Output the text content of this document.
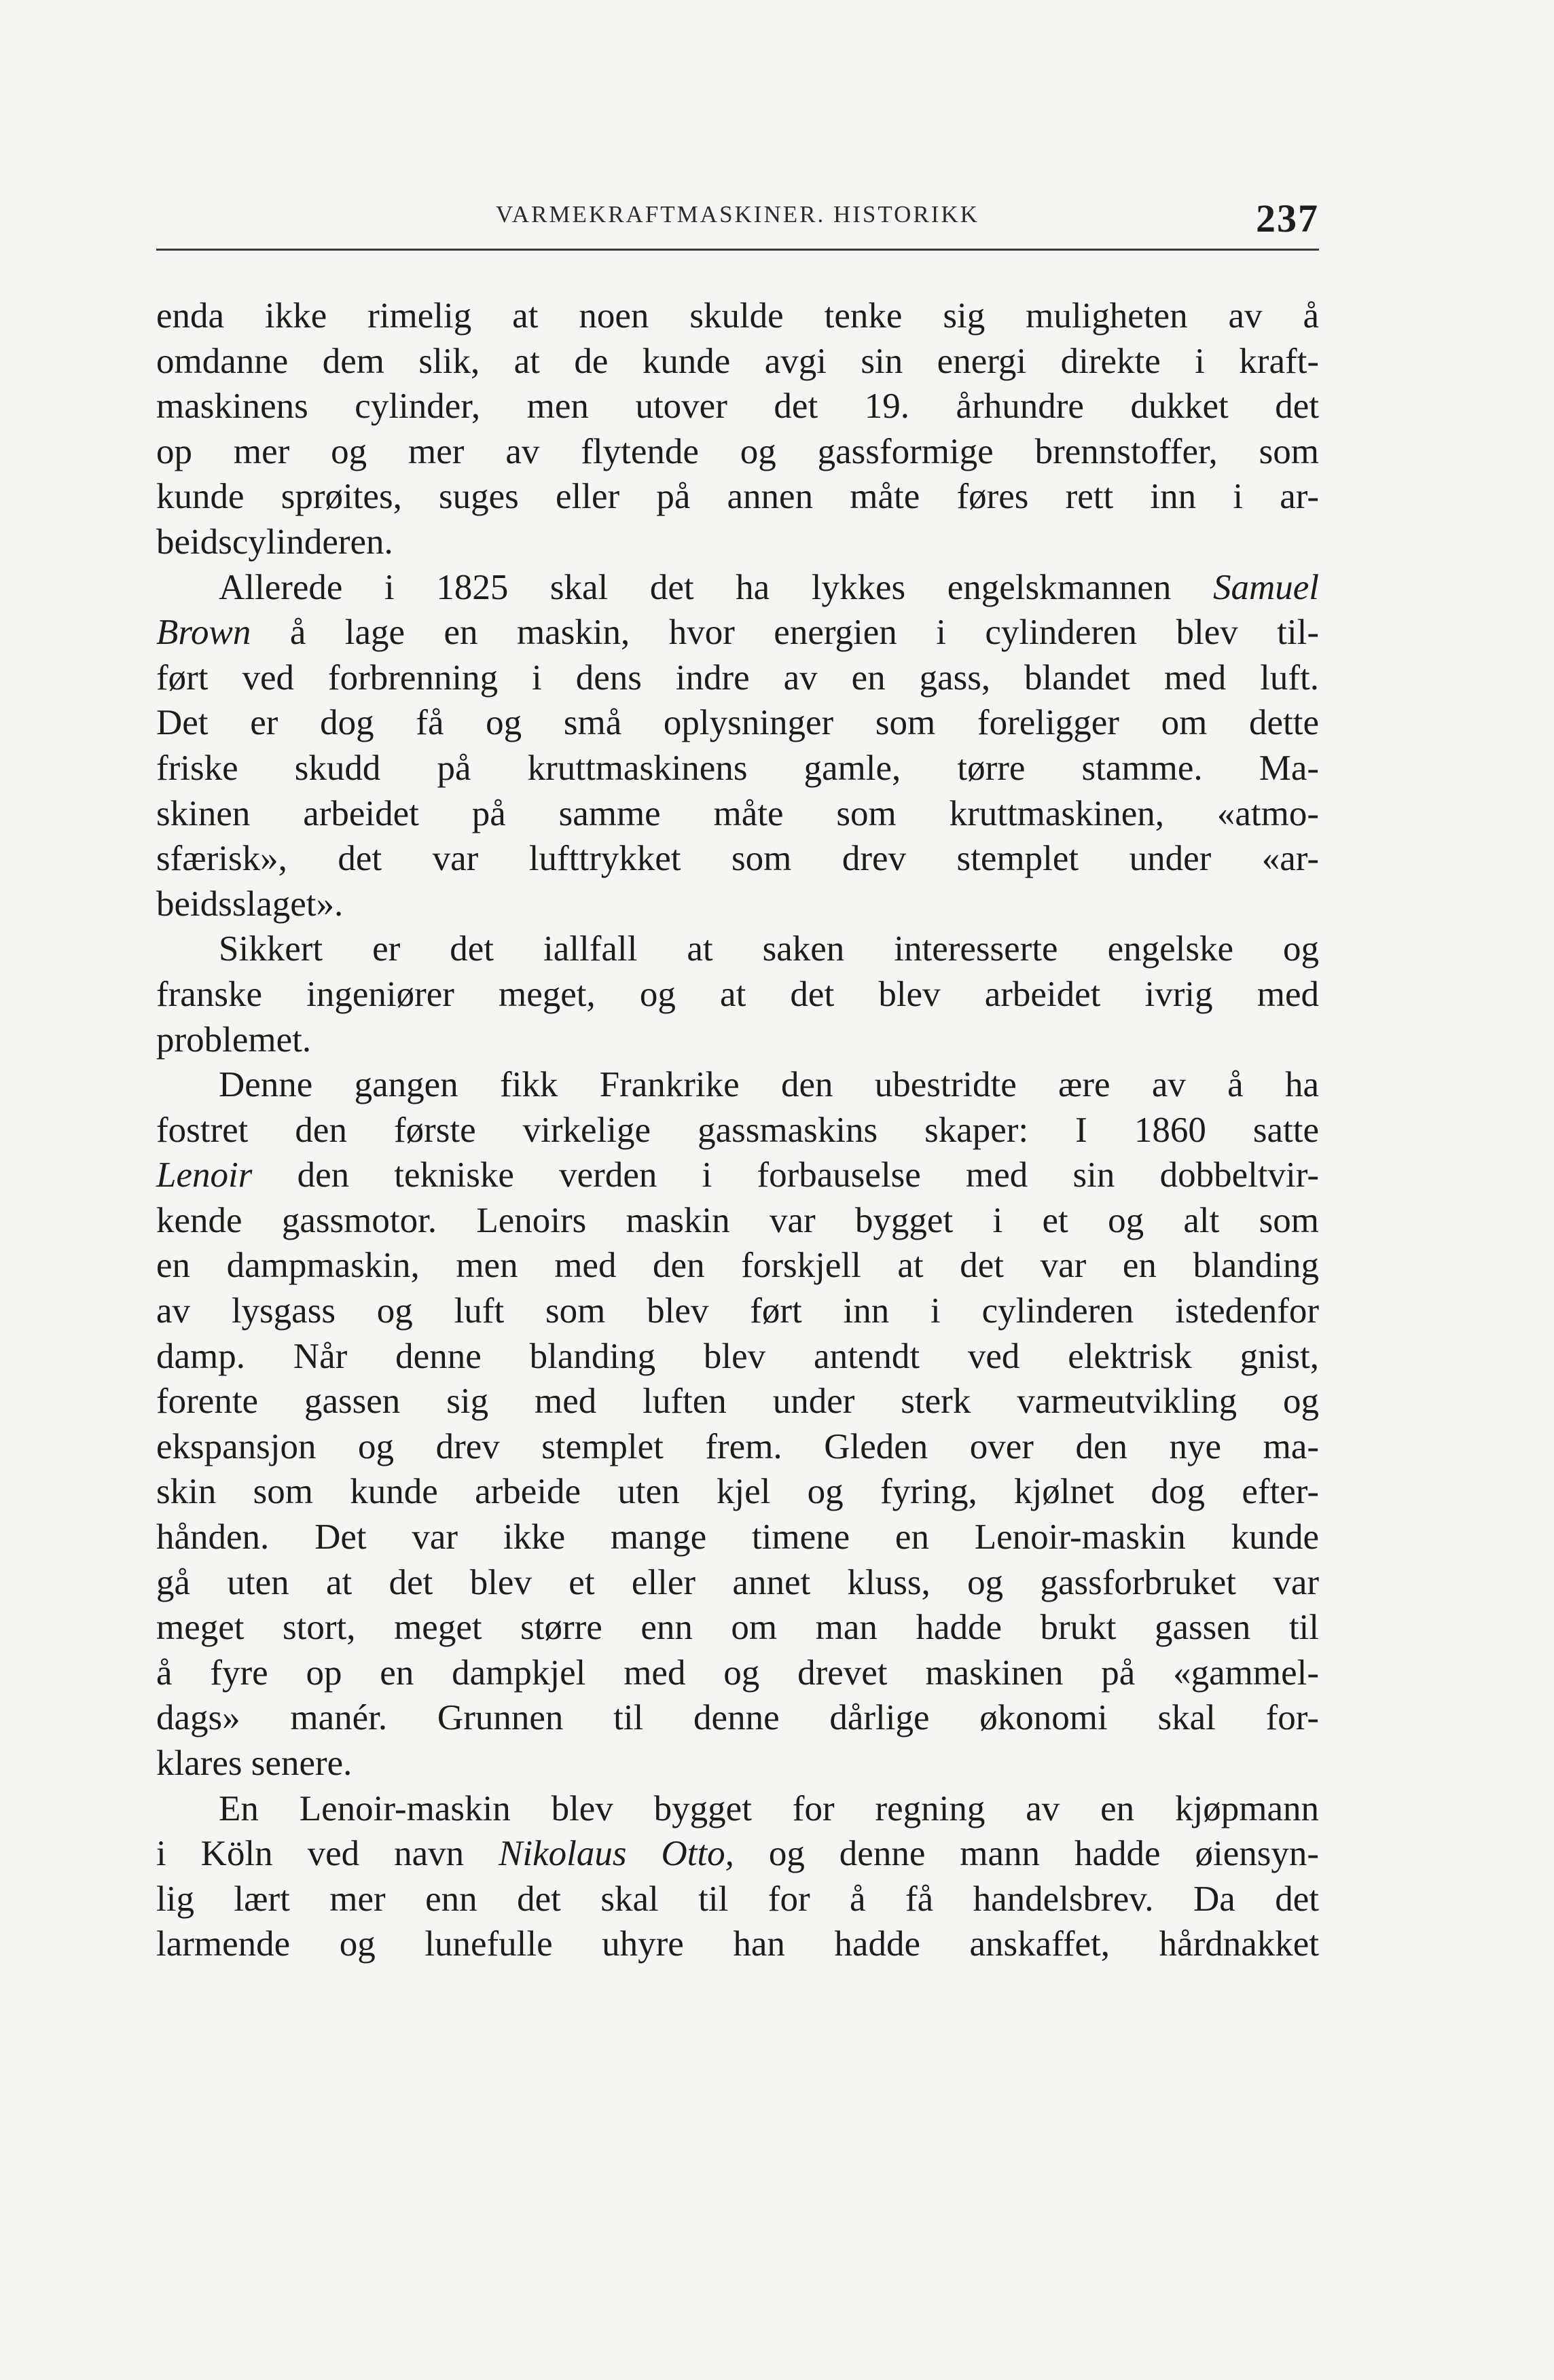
VARMEKRAFTMASKINER. HISTORIKK	237
enda ikke rimelig at noen skulde tenke sig muligheten av å
omdanne dem slik, at de kunde avgi sin energi direkte i kraft-
maskinens cylinder, men utover det 19. århundre dukket det
op mer og mer av flytende og gassformige brennstoffer, som
kunde sprøites, suges eller på annen måte føres rett inn i ar-
beidscylinderen.
Allerede i 1825 skal det ha lykkes engelskmannen Samuel
Brown å lage en maskin, hvor energien i cylinderen blev til-
ført ved forbrenning i dens indre av en gass, blandet med luft.
Det er dog få og små oplysninger som foreligger om dette
friske skudd på kruttmaskinens gamle, tørre stamme. Ma-
skinen arbeidet på samme måte som kruttmaskinen, «atmo-
sfærisk», det var lufttrykket som drev stemplet under «ar-
beidsslaget».
Sikkert er det iallfall at saken interesserte engelske og
franske ingeniører meget, og at det blev arbeidet ivrig med
problemet.
Denne gangen fikk Frankrike den ubestridte ære av å ha
fostret den første virkelige gassmaskins skaper: I 1860 satte
Lenoir den tekniske verden i forbauselse med sin dobbeltvir-
kende gassmotor. Lenoirs maskin var bygget i et og alt som
en dampmaskin, men med den forskjell at det var en blanding
av lysgass og luft som blev ført inn i cylinderen istedenfor
damp. Når denne blanding blev antendt ved elektrisk gnist,
forente gassen sig med luften under sterk varmeutvikling og
ekspansjon og drev stemplet frem. Gleden over den nye ma-
skin som kunde arbeide uten kjel og fyring, kjølnet dog efter-
hånden. Det var ikke mange timene en Lenoir-maskin kunde
gå uten at det blev et eller annet kluss, og gassforbruket var
meget stort, meget større enn om man hadde brukt gassen til
å fyre op en dampkjel med og drevet maskinen på «gammel-
dags» manér. Grunnen til denne dårlige økonomi skal for-
klares senere.
En Lenoir-maskin blev bygget for regning av en kjøpmann
i Köln ved navn Nikolaus Otto, og denne mann hadde øiensyn-
lig lært mer enn det skal til for å få handelsbrev. Da det
larmende og lunefulle uhyre han hadde anskaffet, hårdnakket
